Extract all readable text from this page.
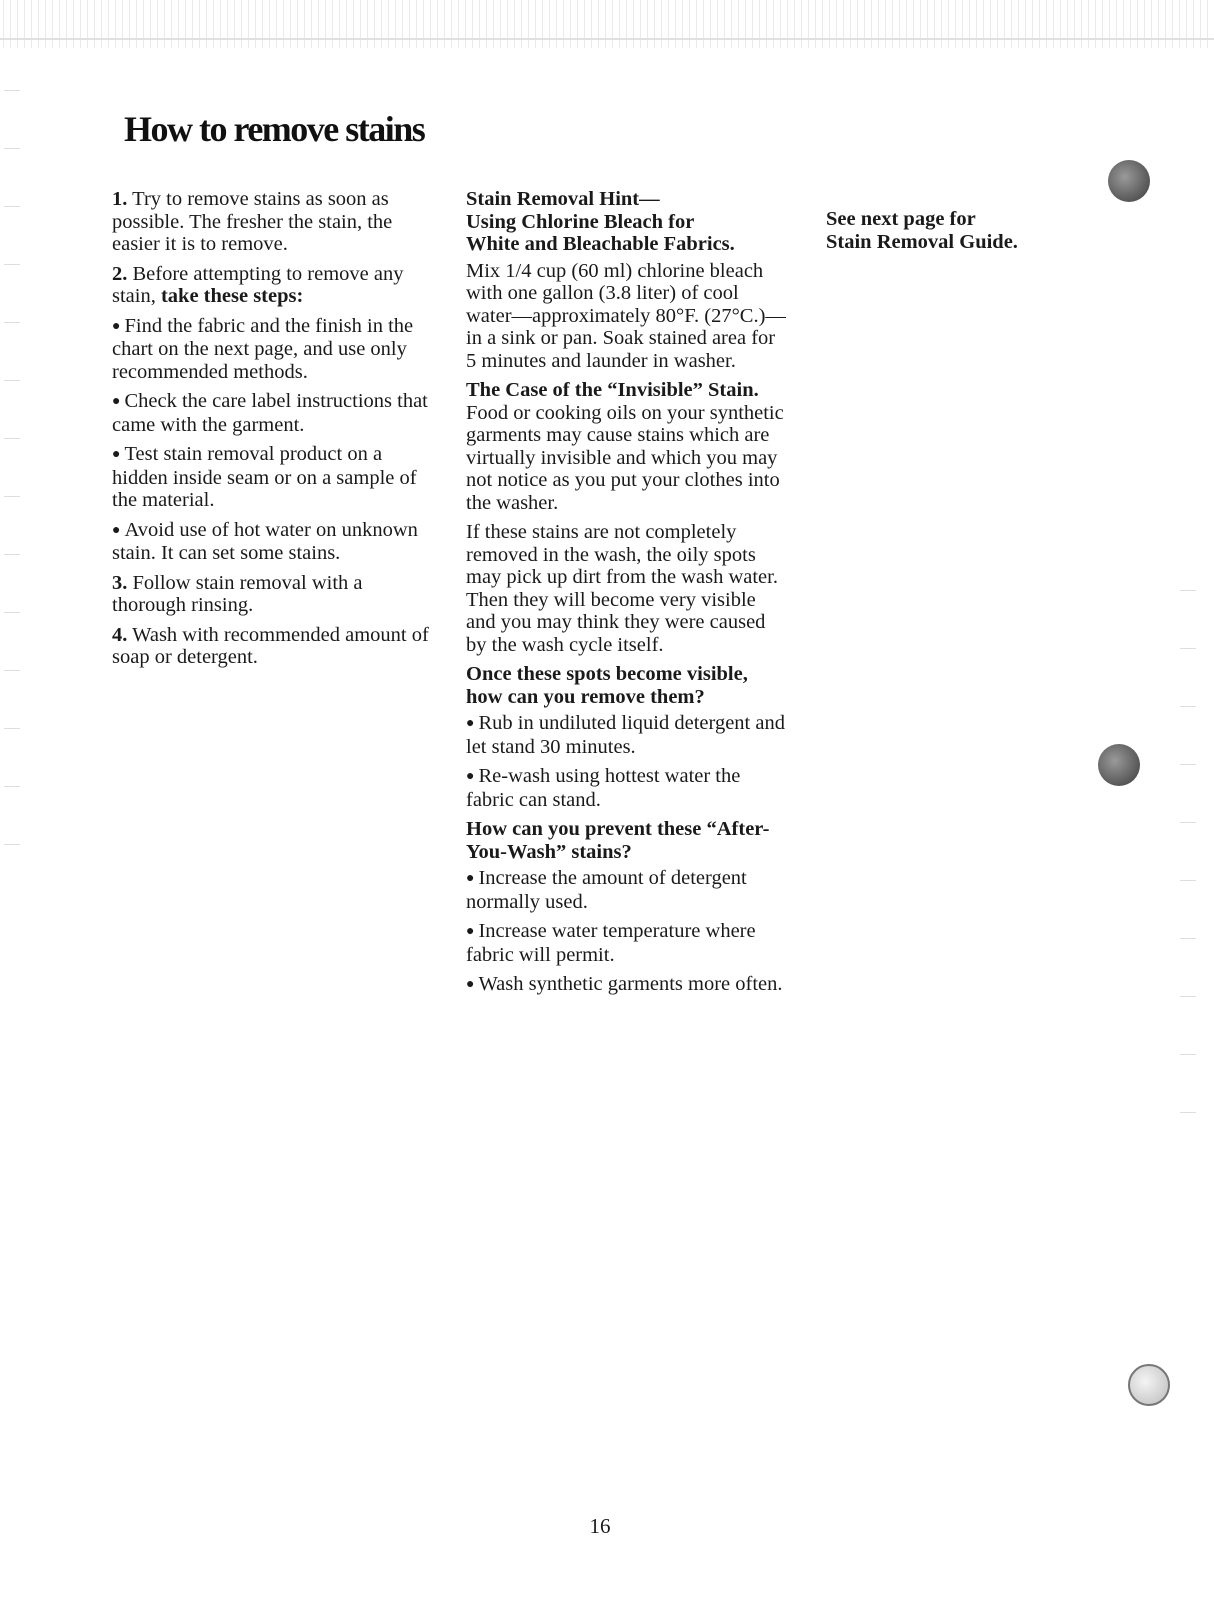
How to remove stains

1. Try to remove stains as soon as possible. The fresher the stain, the easier it is to remove.

2. Before attempting to remove any stain, take these steps:

● Find the fabric and the finish in the chart on the next page, and use only recommended methods.

● Check the care label instructions that came with the garment.

● Test stain removal product on a hidden inside seam or on a sample of the material.

● Avoid use of hot water on unknown stain. It can set some stains.

3. Follow stain removal with a thorough rinsing.

4. Wash with recommended amount of soap or detergent.

Stain Removal Hint—
Using Chlorine Bleach for
White and Bleachable Fabrics.

Mix 1/4 cup (60 ml) chlorine bleach with one gallon (3.8 liter) of cool water—approximately 80°F. (27°C.)—in a sink or pan. Soak stained area for 5 minutes and launder in washer.

The Case of the “Invisible” Stain.

Food or cooking oils on your synthetic garments may cause stains which are virtually invisible and which you may not notice as you put your clothes into the washer.

If these stains are not completely removed in the wash, the oily spots may pick up dirt from the wash water. Then they will become very visible and you may think they were caused by the wash cycle itself.

Once these spots become visible, how can you remove them?

● Rub in undiluted liquid detergent and let stand 30 minutes.

● Re-wash using hottest water the fabric can stand.

How can you prevent these “After-You-Wash” stains?

● Increase the amount of detergent normally used.

● Increase water temperature where fabric will permit.

● Wash synthetic garments more often.

See next page for
Stain Removal Guide.
16
